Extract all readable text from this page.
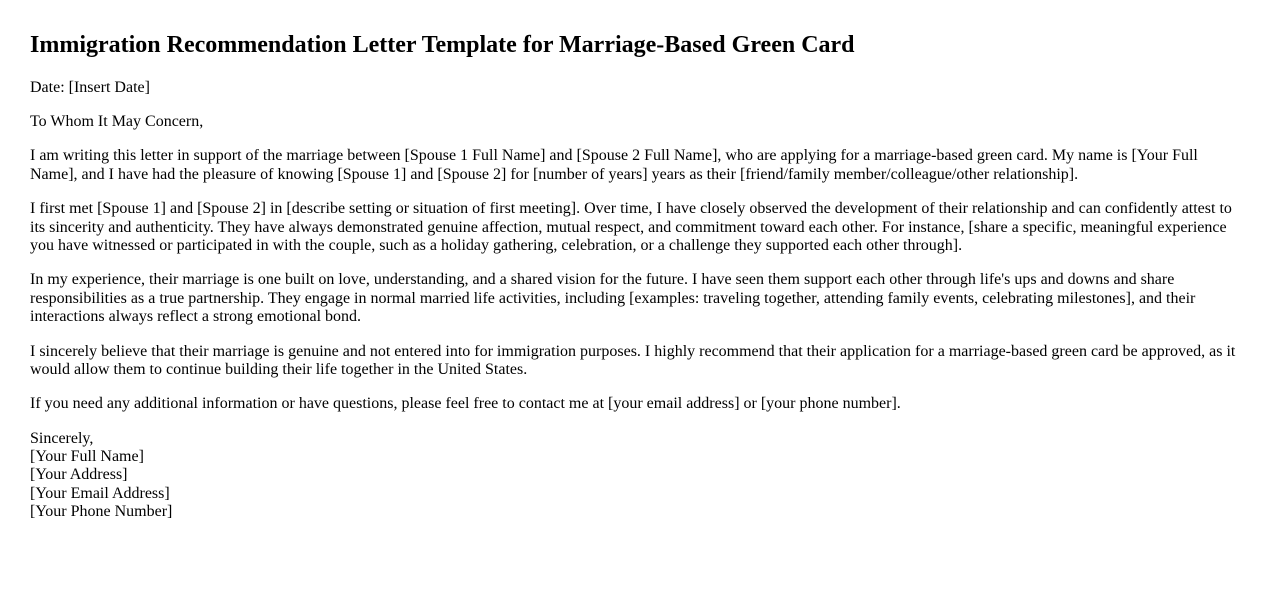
Immigration Recommendation Letter Template for Marriage-Based Green Card

Date: [Insert Date]

To Whom It May Concern,

I am writing this letter in support of the marriage between [Spouse 1 Full Name] and [Spouse 2 Full Name], who are applying for a marriage-based green card. My name is [Your Full Name], and I have had the pleasure of knowing [Spouse 1] and [Spouse 2] for [number of years] years as their [friend/family member/colleague/other relationship].

I first met [Spouse 1] and [Spouse 2] in [describe setting or situation of first meeting]. Over time, I have closely observed the development of their relationship and can confidently attest to its sincerity and authenticity. They have always demonstrated genuine affection, mutual respect, and commitment toward each other. For instance, [share a specific, meaningful experience you have witnessed or participated in with the couple, such as a holiday gathering, celebration, or a challenge they supported each other through].

In my experience, their marriage is one built on love, understanding, and a shared vision for the future. I have seen them support each other through life's ups and downs and share responsibilities as a true partnership. They engage in normal married life activities, including [examples: traveling together, attending family events, celebrating milestones], and their interactions always reflect a strong emotional bond.

I sincerely believe that their marriage is genuine and not entered into for immigration purposes. I highly recommend that their application for a marriage-based green card be approved, as it would allow them to continue building their life together in the United States.

If you need any additional information or have questions, please feel free to contact me at [your email address] or [your phone number].

Sincerely,
[Your Full Name]
[Your Address]
[Your Email Address]
[Your Phone Number]
